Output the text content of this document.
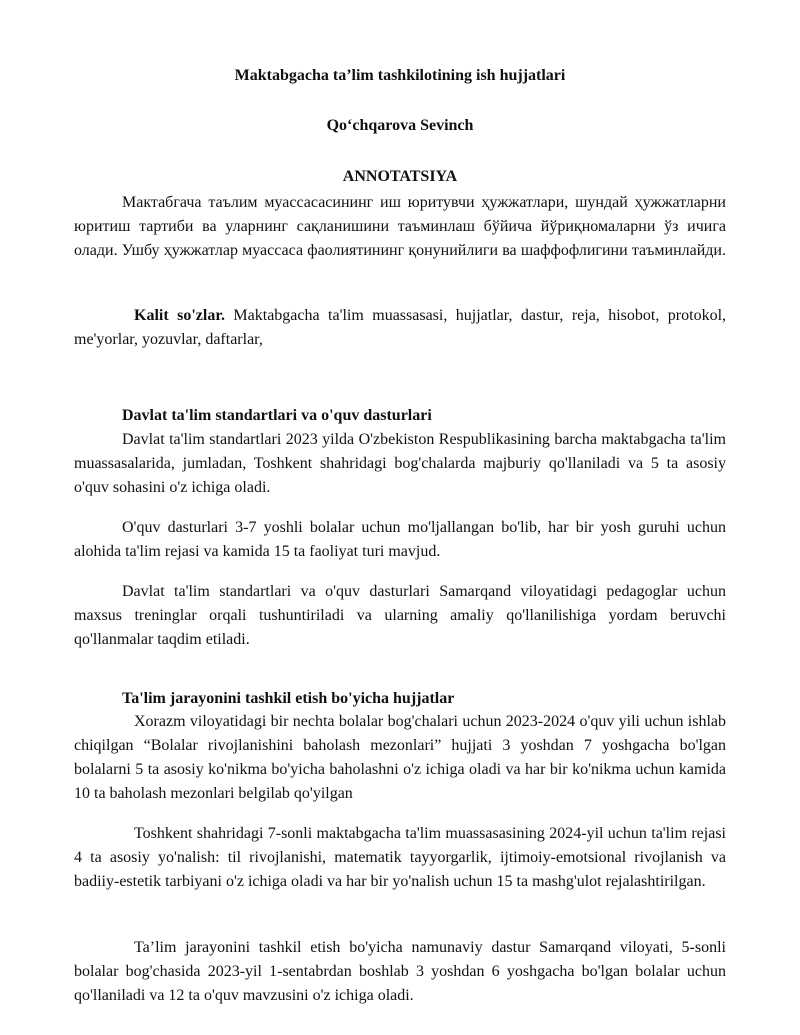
Maktabgacha ta’lim tashkilotining ish hujjatlari
Qo‘chqarova Sevinch
ANNOTATSIYA
Мактабгача таълим муассасасининг иш юритувчи ҳужжатлари, шундай ҳужжатларни юритиш тартиби ва уларнинг сақланишини таъминлаш бўйича йўриқномаларни ўз ичига олади. Ушбу ҳужжатлар муассаса фаолиятининг қонунийлиги ва шаффофлигини таъминлайди.
Kalit so'zlar. Maktabgacha ta'lim muassasasi, hujjatlar, dastur, reja, hisobot, protokol, me'yorlar, yozuvlar, daftarlar,
Davlat ta'lim standartlari va o'quv dasturlari
Davlat ta'lim standartlari 2023 yilda O'zbekiston Respublikasining barcha maktabgacha ta'lim muassasalarida, jumladan, Toshkent shahridagi bog'chalarda majburiy qo'llaniladi va 5 ta asosiy o'quv sohasini o'z ichiga oladi.
O'quv dasturlari 3-7 yoshli bolalar uchun mo'ljallangan bo'lib, har bir yosh guruhi uchun alohida ta'lim rejasi va kamida 15 ta faoliyat turi mavjud.
Davlat ta'lim standartlari va o'quv dasturlari Samarqand viloyatidagi pedagoglar uchun maxsus treninglar orqali tushuntiriladi va ularning amaliy qo'llanilishiga yordam beruvchi qo'llanmalar taqdim etiladi.
Ta'lim jarayonini tashkil etish bo'yicha hujjatlar
Xorazm viloyatidagi bir nechta bolalar bog'chalari uchun 2023-2024 o'quv yili uchun ishlab chiqilgan “Bolalar rivojlanishini baholash mezonlari” hujjati 3 yoshdan 7 yoshgacha bo'lgan bolalarni 5 ta asosiy ko'nikma bo'yicha baholashni o'z ichiga oladi va har bir ko'nikma uchun kamida 10 ta baholash mezonlari belgilab qo'yilgan
Toshkent shahridagi 7-sonli maktabgacha ta'lim muassasasining 2024-yil uchun ta'lim rejasi 4 ta asosiy yo'nalish: til rivojlanishi, matematik tayyorgarlik, ijtimoiy-emotsional rivojlanish va badiiy-estetik tarbiyani o'z ichiga oladi va har bir yo'nalish uchun 15 ta mashg'ulot rejalashtirilgan.
Ta’lim jarayonini tashkil etish bo'yicha namunaviy dastur Samarqand viloyati, 5-sonli bolalar bog'chasida 2023-yil 1-sentabrdan boshlab 3 yoshdan 6 yoshgacha bo'lgan bolalar uchun qo'llaniladi va 12 ta o'quv mavzusini o'z ichiga oladi.
